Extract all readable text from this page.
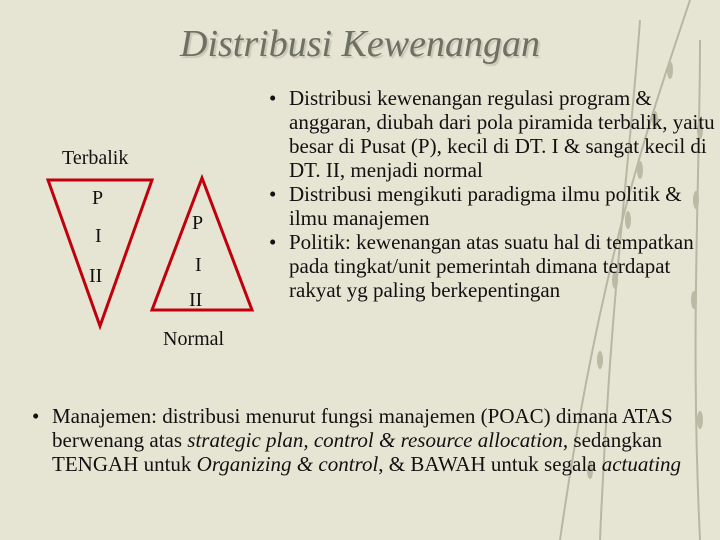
Distribusi Kewenangan
Terbalik
P
I
II
P
I
II
Normal
• Distribusi kewenangan regulasi program & anggaran, diubah dari pola piramida terbalik, yaitu besar di Pusat (P), kecil di DT. I & sangat kecil di DT. II, menjadi normal
• Distribusi mengikuti paradigma ilmu politik & ilmu manajemen
• Politik: kewenangan atas suatu hal di tempatkan pada tingkat/unit pemerintah dimana terdapat rakyat yg paling berkepentingan
• Manajemen: distribusi menurut fungsi manajemen (POAC) dimana ATAS berwenang atas strategic plan, control & resource allocation, sedangkan TENGAH untuk Organizing & control, & BAWAH untuk segala actuating
